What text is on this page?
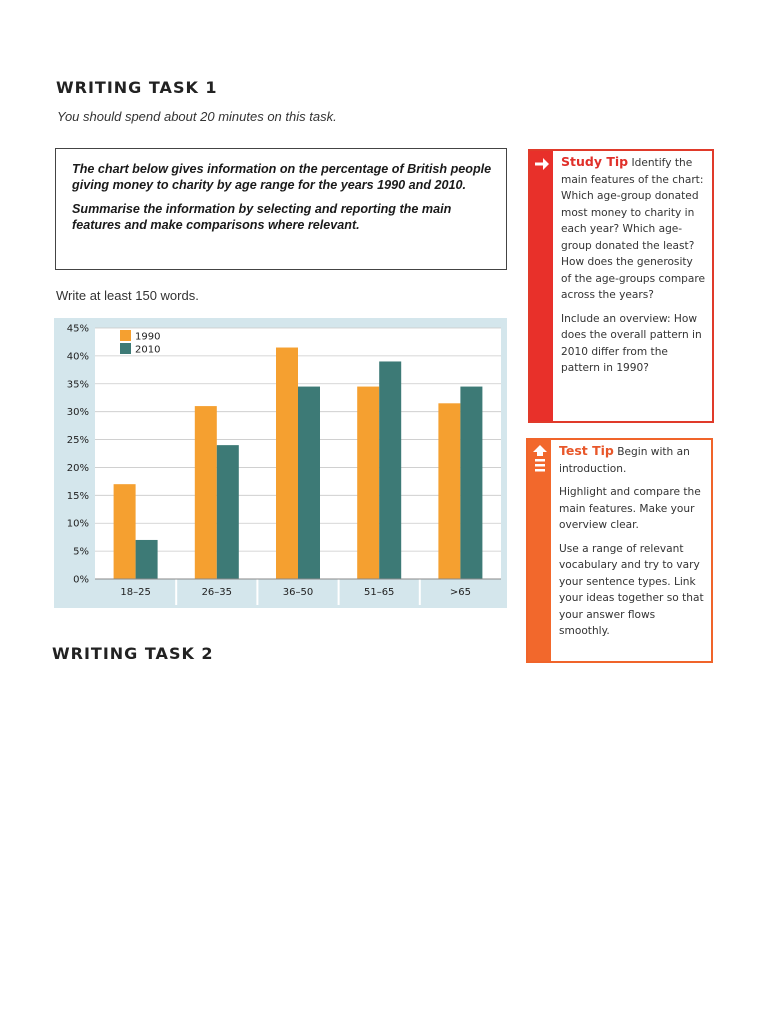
WRITING TASK 1
You should spend about 20 minutes on this task.

The chart below gives information on the percentage of British people giving money to charity by age range for the years 1990 and 2010.

Summarise the information by selecting and reporting the main features and make comparisons where relevant.

Write at least 150 words.
0%
5%
10%
15%
20%
25%
30%
35%
40%
45%
18–25	26–35	36–50	51–65	>65
1990
2010
WRITING TASK 2

Study Tip Identify the main features of the chart: Which age-group donated most money to charity in each year? Which age-group donated the least? How does the generosity of the age-groups compare across the years?

Include an overview: How does the overall pattern in 2010 differ from the pattern in 1990?

Test Tip Begin with an introduction.

Highlight and compare the main features. Make your overview clear.

Use a range of relevant vocabulary and try to vary your sentence types. Link your ideas together so that your answer flows smoothly.
